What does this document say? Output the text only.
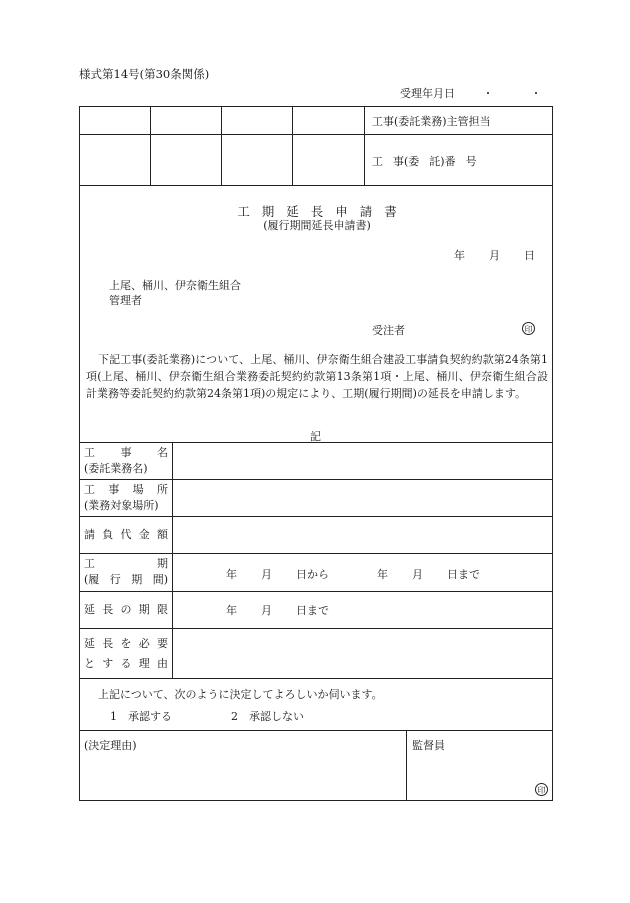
様式第14号(第30条関係)
受理年月日	・	・
工事(委託業務)主管担当
工 事(委 託)番 号
工 期 延 長 申 請 書
(履行期間延長申請書)
年 月 日
上尾、桶川、伊奈衛生組合
管理者
受注者	印
下記工事(委託業務)について、上尾、桶川、伊奈衛生組合建設工事請負契約約款第24条第1項(上尾、桶川、伊奈衛生組合業務委託契約約款第13条第1項・上尾、桶川、伊奈衛生組合設計業務等委託契約約款第24条第1項)の規定により、工期(履行期間)の延長を申請します。
記
工 事 名
(委託業務名)
工 事 場 所
(業務対象場所)
請 負 代 金 額
工	期
(履 行 期 間)	年 月 日から	年 月 日まで
延 長 の 期 限	年 月 日まで
延 長 を 必 要
と す る 理 由
上記について、次のように決定してよろしいか伺います。
1　承認する	2　承認しない
(決定理由)	監督員
印
